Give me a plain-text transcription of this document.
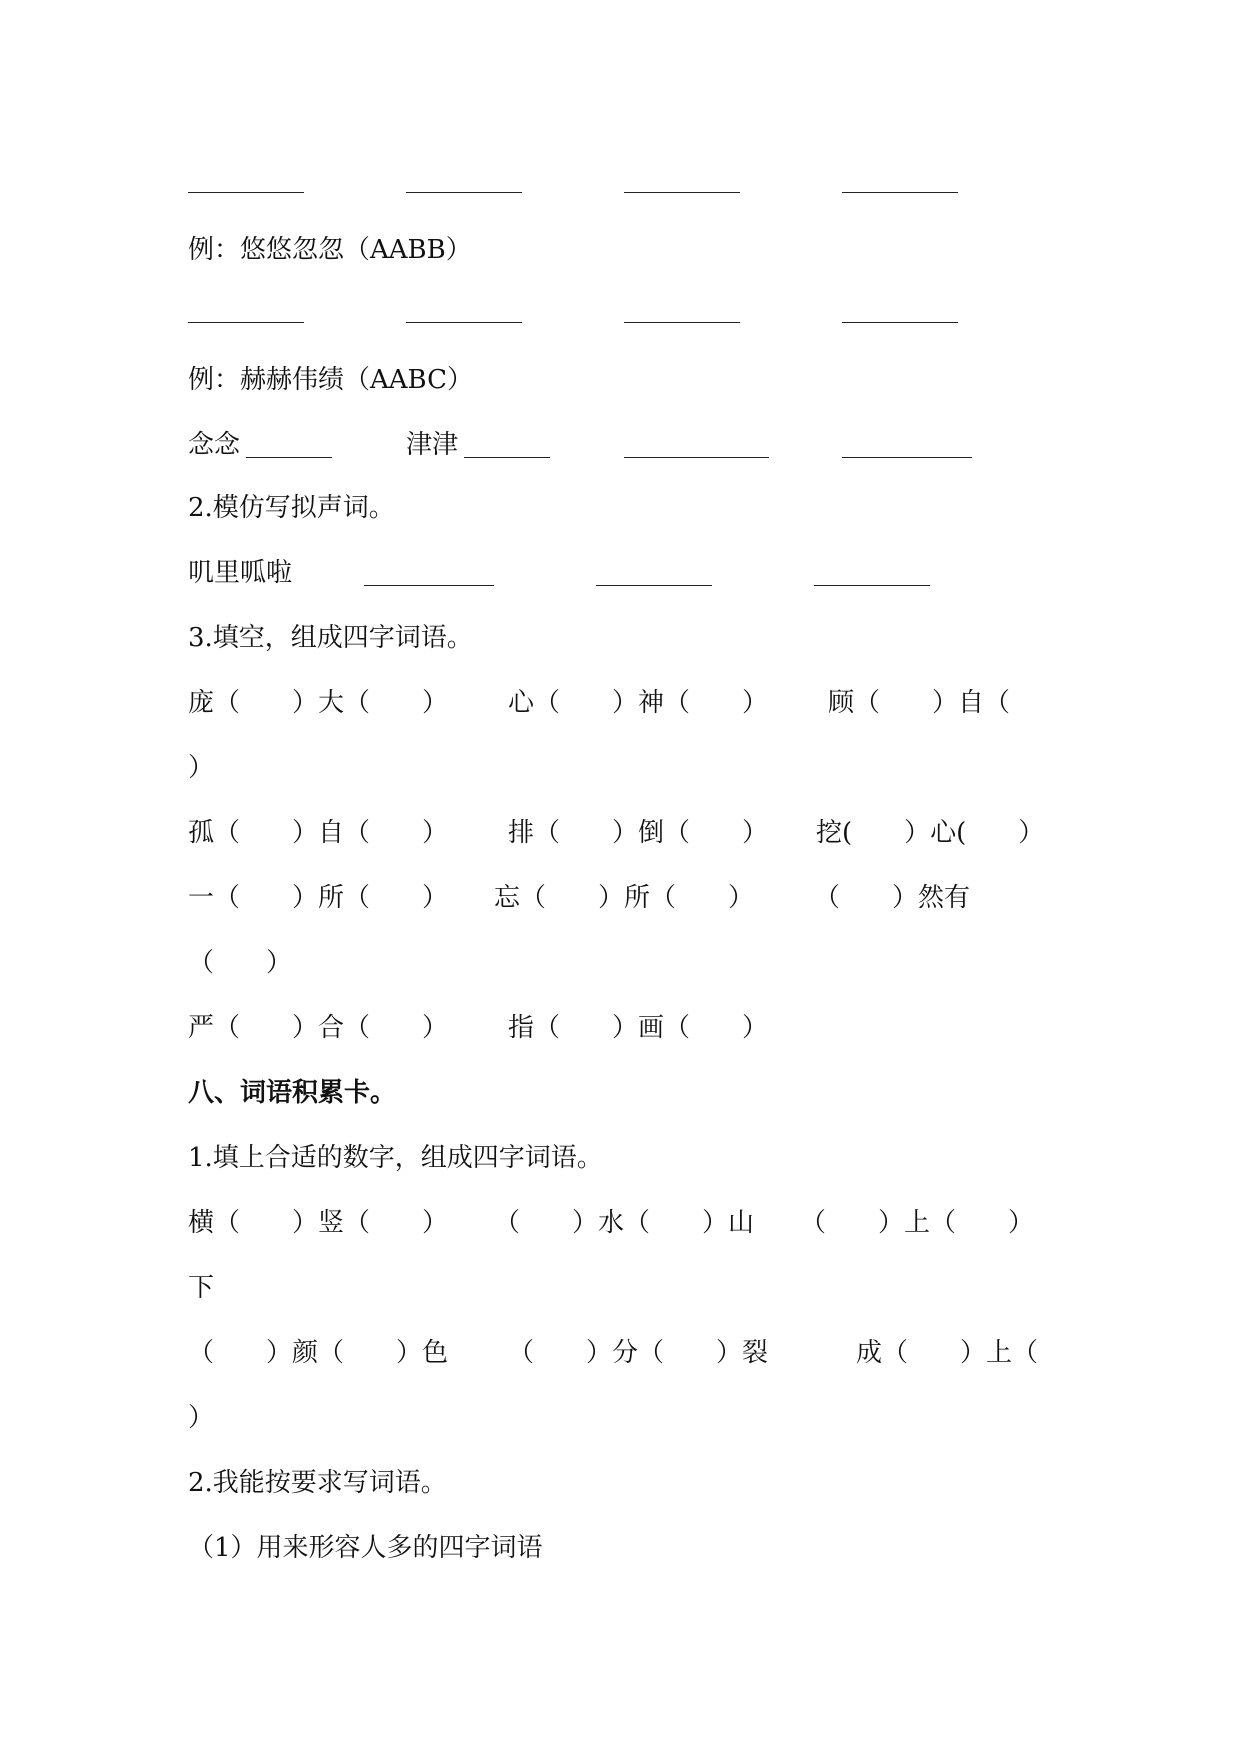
例：悠悠忽忽（AABB）

例：赫赫伟绩（AABC）

念念

	津津

2.模仿写拟声词。

叽里呱啦

3.填空，组成四字词语。

庞（　　）大（　　）

心（　　）神（　　）

顾（　　）自（

）

孤（　　）自（　　）

排（　　）倒（　　）

挖(　　）心(　　）

一（　　）所（　　）

忘（　　）所（　　）

（　　）然有

（　　）

严（　　）合（　　）

指（　　）画（　　）

八、词语积累卡。

1.填上合适的数字，组成四字词语。

横（　　）竖（　　）

（　　）水（　　）山

（　　）上（　　）

下

（　　）颜（　　）色

（　　）分（　　）裂

	成（　　）上（

）

2.我能按要求写词语。

（1）用来形容人多的四字词语
